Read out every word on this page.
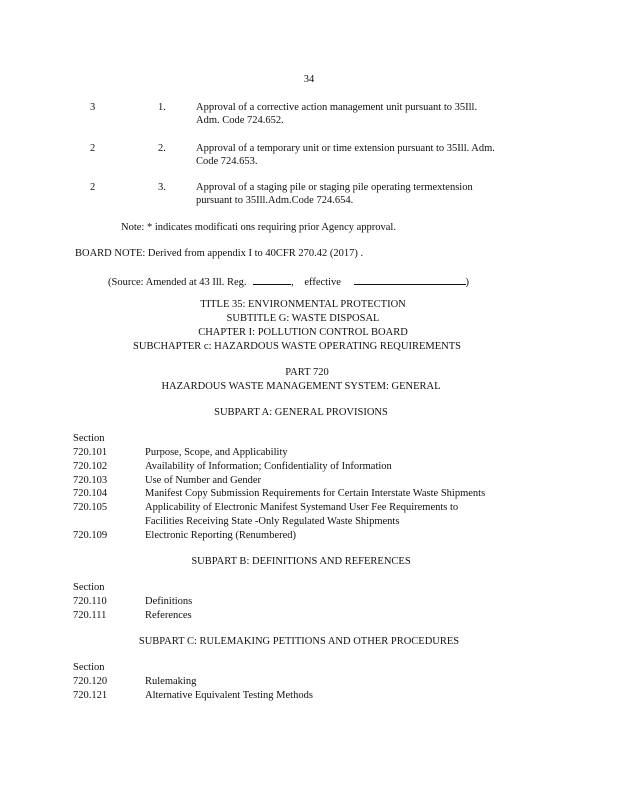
34
3	1.	Approval of a corrective action management unit pursuant to 35Ill.
Adm. Code 724.652.
2	2.	Approval of a temporary unit or time extension pursuant to 35Ill. Adm.
Code 724.653.
2	3.	Approval of a staging pile or staging pile operating termextension
pursuant to 35Ill.Adm.Code 724.654.
Note: * indicates modificati ons requiring prior Agency approval.
BOARD NOTE: Derived from appendix I to 40CFR 270.42 (2017) .
(Source: Amended at 43 Ill. Reg.	, effective	)
TITLE 35: ENVIRONMENTAL PROTECTION
SUBTITLE G: WASTE DISPOSAL
CHAPTER I: POLLUTION CONTROL BOARD
SUBCHAPTER c: HAZARDOUS WASTE OPERATING REQUIREMENTS
PART 720
HAZARDOUS WASTE MANAGEMENT SYSTEM: GENERAL
SUBPART A: GENERAL PROVISIONS
Section
720.101	Purpose, Scope, and Applicability
720.102	Availability of Information; Confidentiality of Information
720.103	Use of Number and Gender
720.104	Manifest Copy Submission Requirements for Certain Interstate Waste Shipments
720.105	Applicability of Electronic Manifest Systemand User Fee Requirements to
Facilities Receiving State -Only Regulated Waste Shipments
720.109	Electronic Reporting (Renumbered)
SUBPART B: DEFINITIONS AND REFERENCES
Section
720.110	Definitions
720.111	References
SUBPART C: RULEMAKING PETITIONS AND OTHER PROCEDURES
Section
720.120	Rulemaking
720.121	Alternative Equivalent Testing Methods
